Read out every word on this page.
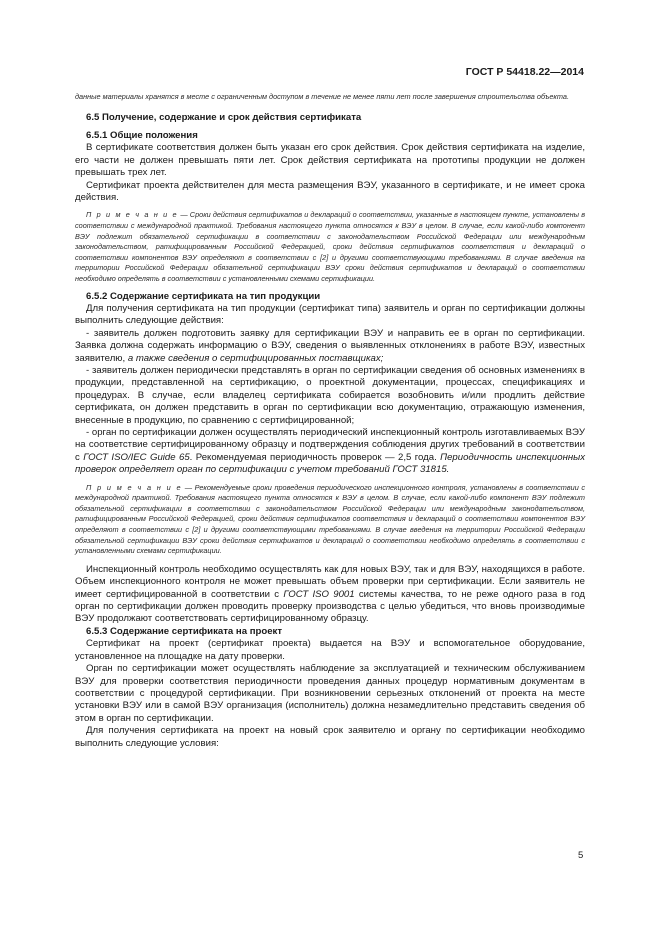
ГОСТ Р 54418.22—2014

данные материалы хранятся в месте с ограниченным доступом в течение не менее пяти лет после завершения строительства объекта.

6.5 Получение, содержание и срок действия сертификата

6.5.1 Общие положения

В сертификате соответствия должен быть указан его срок действия. Срок действия сертификата на изделие, его части не должен превышать пяти лет. Срок действия сертификата на прототипы продукции не должен превышать трех лет.

Сертификат проекта действителен для места размещения ВЭУ, указанного в сертификате, и не имеет срока действия.

П р и м е ч а н и е — Сроки действия сертификатов и деклараций о соответствии, указанные в настоящем пункте, установлены в соответствии с международной практикой. Требования настоящего пункта относятся к ВЭУ в целом. В случае, если какой-либо компонент ВЭУ подлежит обязательной сертификации в соответствии с законодательством Российской Федерации или международным законодательством, ратифицированным Российской Федерацией, сроки действия сертификатов соответствия и деклараций о соответствии компонентов ВЭУ определяют в соответствии с [2] и другими соответствующими требованиями. В случае введения на территории Российской Федерации обязательной сертификации ВЭУ сроки действия сертификатов и деклараций о соответствии необходимо определять в соответствии с установленными схемами сертификации.

6.5.2 Содержание сертификата на тип продукции

Для получения сертификата на тип продукции (сертификат типа) заявитель и орган по сертификации должны выполнить следующие действия:

- заявитель должен подготовить заявку для сертификации ВЭУ и направить ее в орган по сертификации. Заявка должна содержать информацию о ВЭУ, сведения о выявленных отклонениях в работе ВЭУ, известных заявителю, а также сведения о сертифицированных поставщиках;

- заявитель должен периодически представлять в орган по сертификации сведения об основных изменениях в продукции, представленной на сертификацию, о проектной документации, процессах, спецификациях и процедурах. В случае, если владелец сертификата собирается возобновить и/или продлить действие сертификата, он должен представить в орган по сертификации всю документацию, отражающую изменения, внесенные в продукцию, по сравнению с сертифицированной;

- орган по сертификации должен осуществлять периодический инспекционный контроль изготавливаемых ВЭУ на соответствие сертифицированному образцу и подтверждения соблюдения других требований в соответствии с ГОСТ ISO/IEC Guide 65. Рекомендуемая периодичность проверок — 2,5 года. Периодичность инспекционных проверок определяет орган по сертификации с учетом требований ГОСТ 31815.

П р и м е ч а н и е — Рекомендуемые сроки проведения периодического инспекционного контроля, установлены в соответствии с международной практикой. Требования настоящего пункта относятся к ВЭУ в целом. В случае, если какой-либо компонент ВЭУ подлежит обязательной сертификации в соответствии с законодательством Российской Федерации или международным законодательством, ратифицированным Российской Федерацией, сроки действия сертификатов соответствия и деклараций о соответствии компонентов ВЭУ определяют в соответствии с [2] и другими соответствующими требованиями. В случае введения на территории Российской Федерации обязательной сертификации ВЭУ сроки действия сертификатов и деклараций о соответствии необходимо определять в соответствии с установленными схемами сертификации.

Инспекционный контроль необходимо осуществлять как для новых ВЭУ, так и для ВЭУ, находящихся в работе. Объем инспекционного контроля не может превышать объем проверки при сертификации. Если заявитель не имеет сертифицированной в соответствии с ГОСТ ISO 9001 системы качества, то не реже одного раза в год орган по сертификации должен проводить проверку производства с целью убедиться, что вновь производимые ВЭУ продолжают соответствовать сертифицированному образцу.

6.5.3 Содержание сертификата на проект

Сертификат на проект (сертификат проекта) выдается на ВЭУ и вспомогательное оборудование, установленное на площадке на дату проверки.

Орган по сертификации может осуществлять наблюдение за эксплуатацией и техническим обслуживанием ВЭУ для проверки соответствия периодичности проведения данных процедур нормативным документам в соответствии с процедурой сертификации. При возникновении серьезных отклонений от проекта на месте установки ВЭУ или в самой ВЭУ организация (исполнитель) должна незамедлительно представить сведения об этом в орган по сертификации.

Для получения сертификата на проект на новый срок заявителю и органу по сертификации необходимо выполнить следующие условия:

5
